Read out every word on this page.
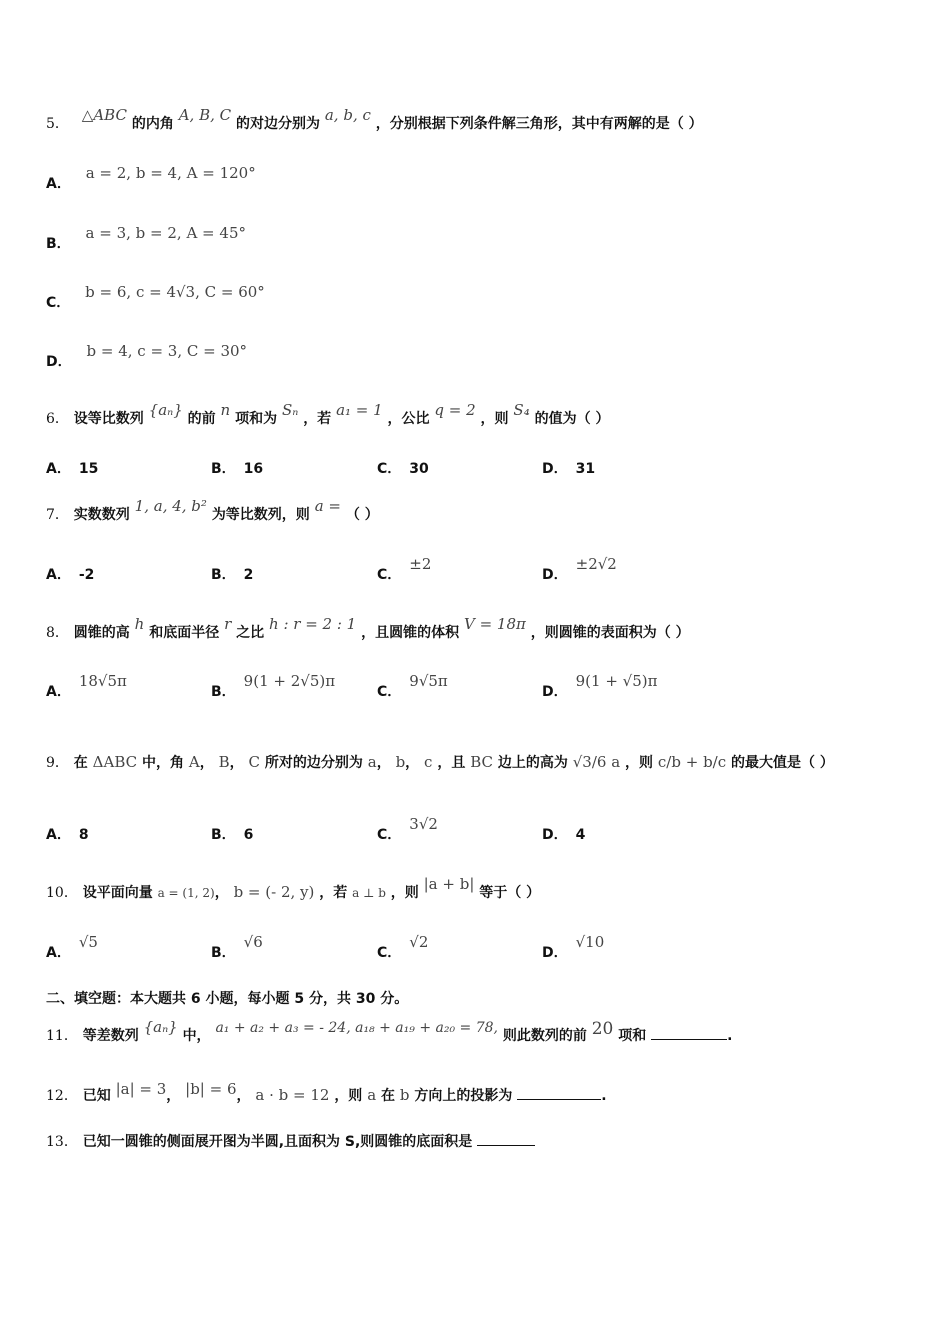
5． △ABC 的内角 A, B, C 的对边分别为 a, b, c ，分别根据下列条件解三角形，其中有两解的是（ ）
A． a = 2, b = 4, A = 120°
B． a = 3, b = 2, A = 45°
C． b = 6, c = 4√3, C = 60°
D． b = 4, c = 3, C = 30°
6． 设等比数列 {aₙ} 的前 n 项和为 Sₙ ，若 a₁ = 1 ，公比 q = 2 ，则 S₄ 的值为（ ）
A． 15	B． 16	C． 30	D． 31
7． 实数数列 1, a, 4, b² 为等比数列，则 a = （ ）
A． -2	B． 2	C．±2
D．±2√2
8． 圆锥的高 h 和底面半径 r 之比 h : r = 2 : 1 ，且圆锥的体积 V = 18π ，则圆锥的表面积为（ ）
A．18√5π
B．9(1 + 2√5)π
C．9√5π
D．9(1 + √5)π
9． 在 ΔABC 中，角 A， B， C 所对的边分别为 a， b， c ，且 BC 边上的高为 √3/6 a ，则 c/b + b/c 的最大值是（ ）
A． 8	B． 6	C．3√2
D． 4
10． 设平面向量 a = (1, 2)， b = (- 2, y) ，若 a ⊥ b ，则 |a + b| 等于（ ）
A．√5
B．√6
C．√2
D．√10
二、填空题：本大题共 6 小题，每小题 5 分，共 30 分。
11． 等差数列 {aₙ} 中， a₁ + a₂ + a₃ = - 24, a₁₈ + a₁₉ + a₂₀ = 78, 则此数列的前 20 项和	.
12． 已知 |a| = 3， |b| = 6， a · b = 12 ，则 a 在 b 方向上的投影为	.
13． 已知一圆锥的侧面展开图为半圆,且面积为 S,则圆锥的底面积是
